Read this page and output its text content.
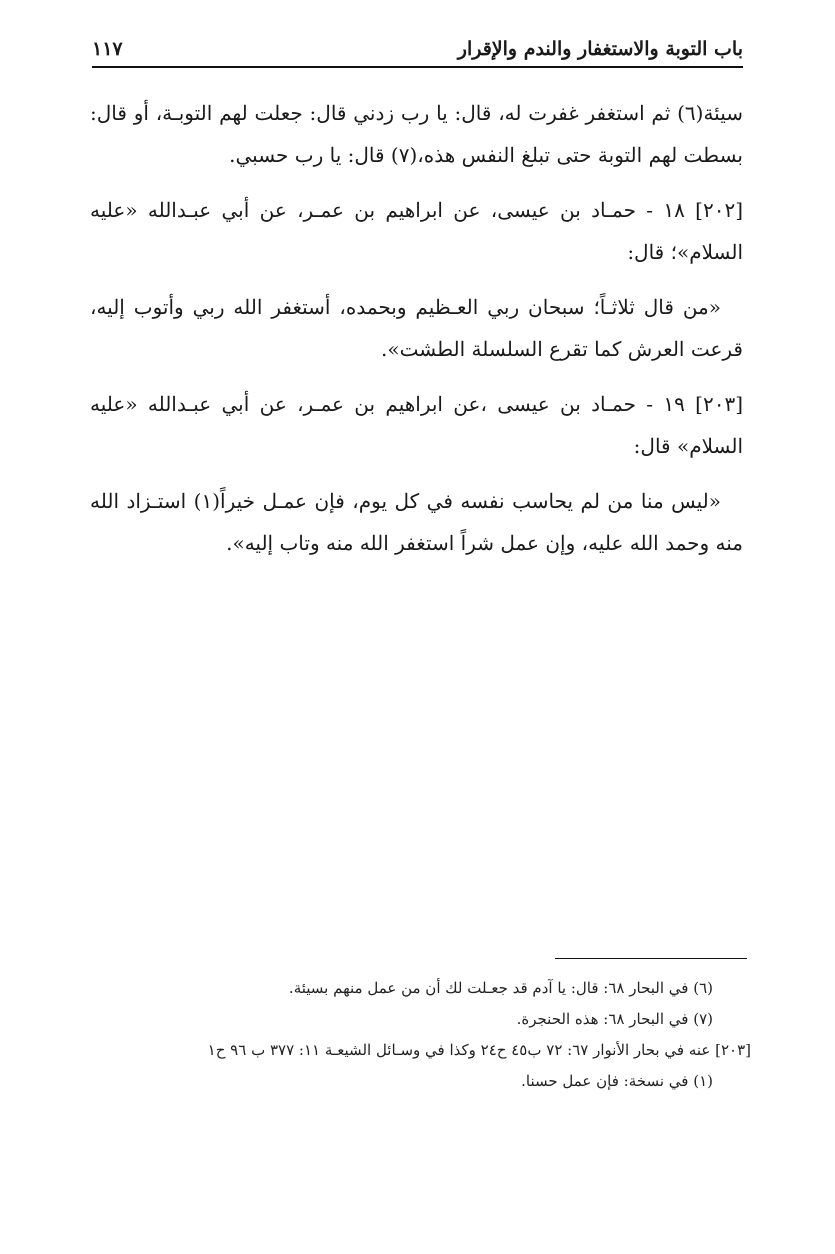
باب التوبة والاستغفار والندم والإقرار
١١٧

سيئة(٦) ثم استغفر غفرت له، قال: يا رب زدني قال: جعلت لهم التوبـة، أو قال: بسطت لهم التوبة حتى تبلغ النفس هذه،(٧) قال: يا رب حسبي.

[٢٠٢] ١٨ - حمـاد بن عيسى، عن ابراهيم بن عمـر، عن أبي عبـدالله «عليه السلام»؛ قال:

«من قال ثلاثـاً؛ سبحان ربي العـظيم وبحمده، أستغفر الله ربي وأتوب إليه، قرعت العرش كما تقرع السلسلة الطشت».

[٢٠٣] ١٩ - حمـاد بن عيسى ،عن ابراهيم بن عمـر، عن أبي عبـدالله «عليه السلام» قال:

«ليس منا من لم يحاسب نفسه في كل يوم، فإن عمـل خيراً(١) استـزاد الله منه وحمد الله عليه، وإن عمل شراً استغفر الله منه وتاب إليه».

(٦) في البحار ٦٨: قال: يا آدم قد جعـلت لك أن من عمل منهم بسيئة.

(٧) في البحار ٦٨: هذه الحنجرة.

[٢٠٣] عنه في بحار الأنوار ٦٧: ٧٢ ب٤٥ ح٢٤ وكذا في وسـائل الشيعـة ١١: ٣٧٧ ب ٩٦ ح١

(١) في نسخة: فإن عمل حسنا.
